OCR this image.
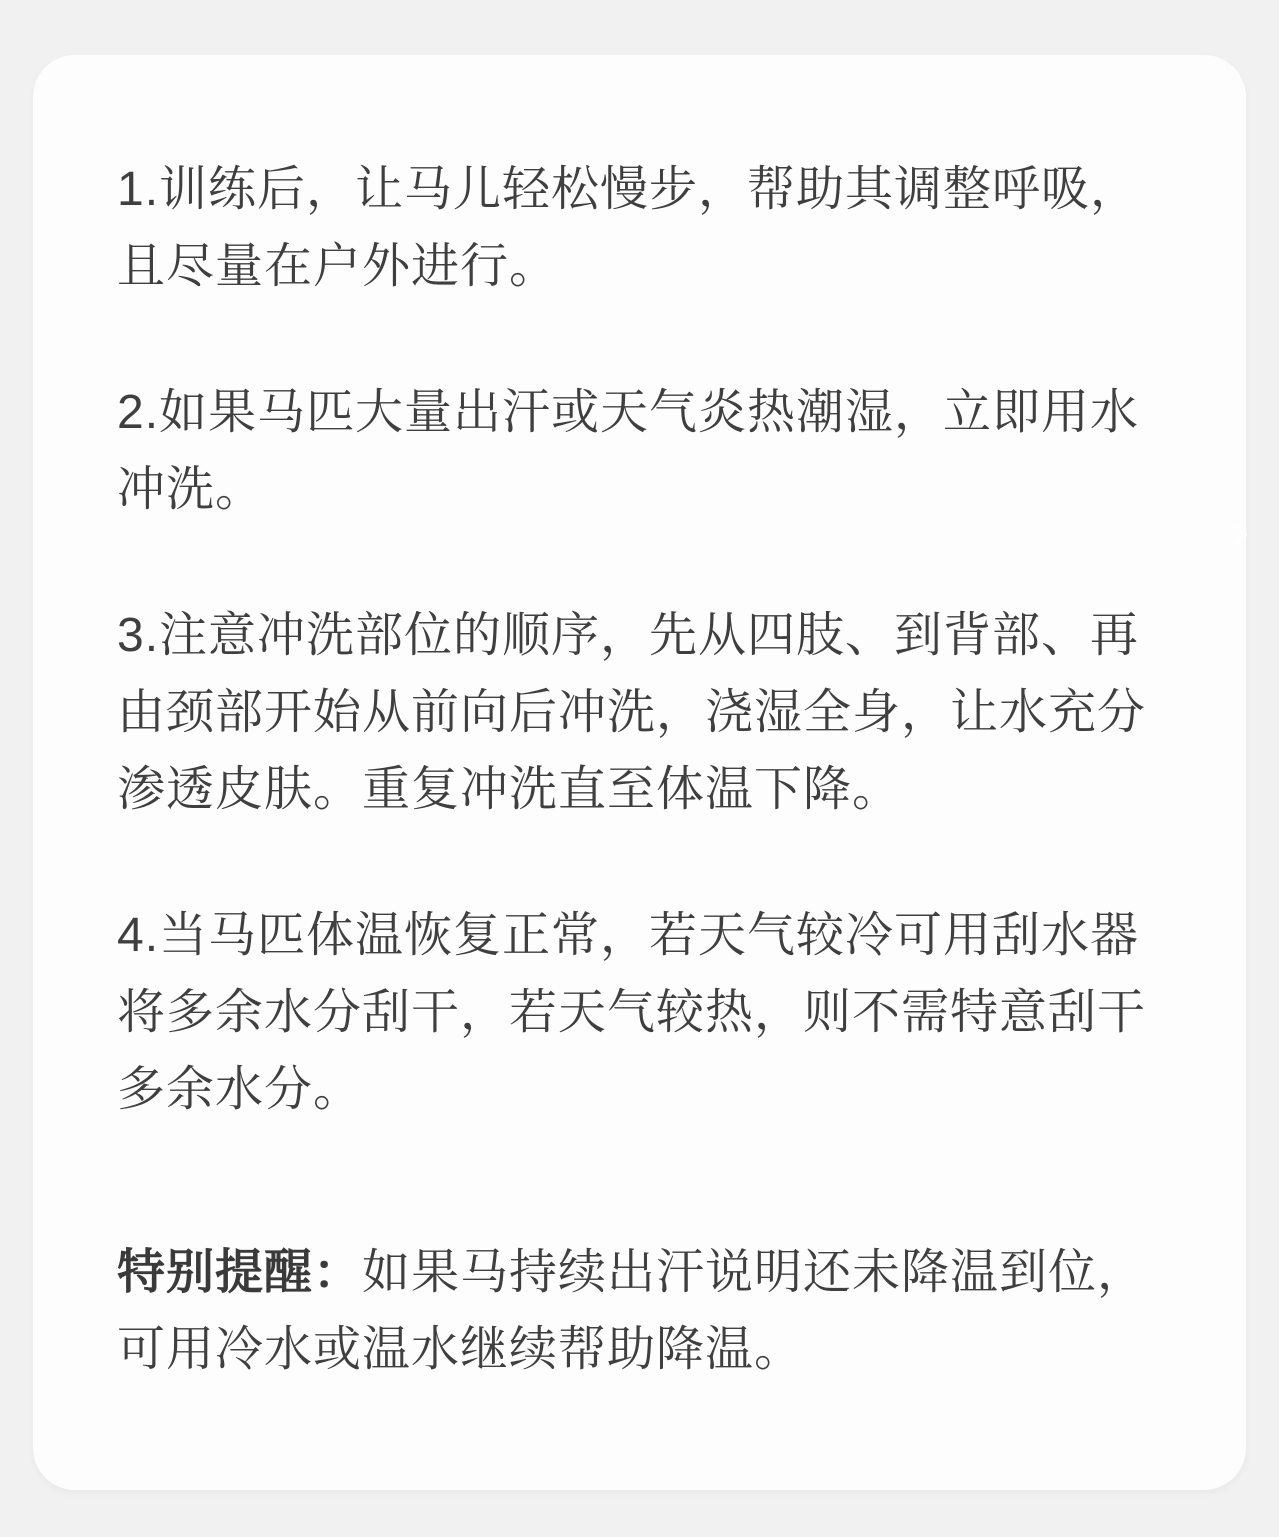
1.训练后，让马儿轻松慢步，帮助其调整呼吸，且尽量在户外进行。

2.如果马匹大量出汗或天气炎热潮湿，立即用水冲洗。

3.注意冲洗部位的顺序，先从四肢、到背部、再由颈部开始从前向后冲洗，浇湿全身，让水充分渗透皮肤。重复冲洗直至体温下降。

4.当马匹体温恢复正常，若天气较冷可用刮水器将多余水分刮干，若天气较热，则不需特意刮干多余水分。

特别提醒：如果马持续出汗说明还未降温到位，可用冷水或温水继续帮助降温。

›
